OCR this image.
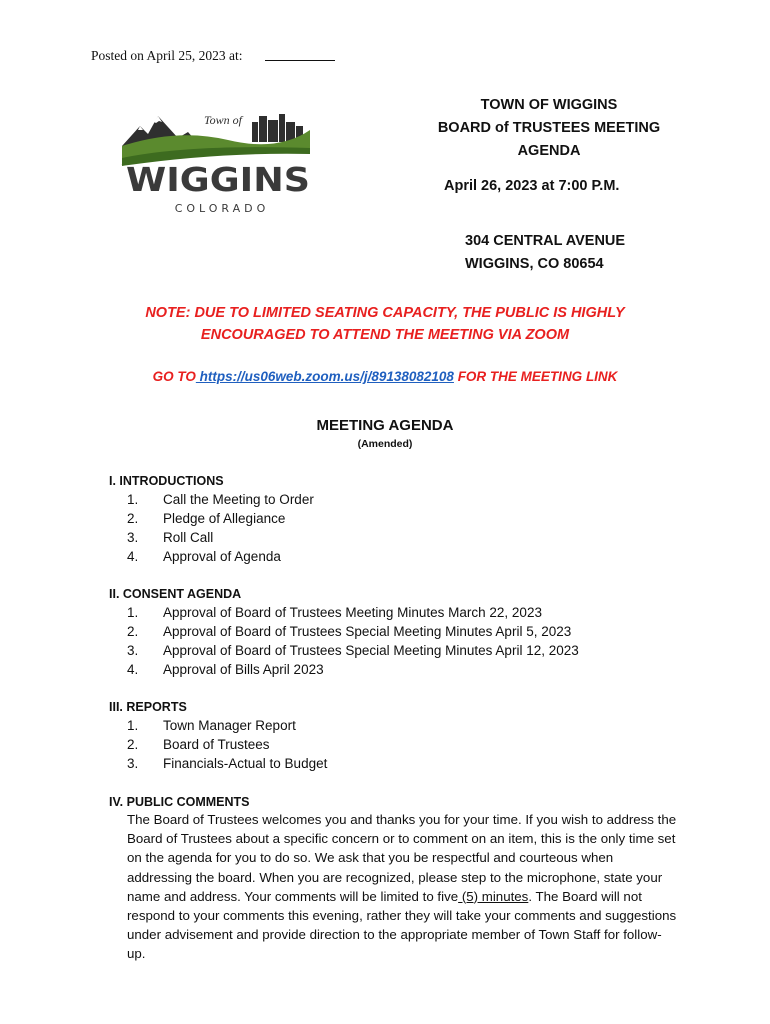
Posted on April 25, 2023 at:
Town of
WIGGINS
COLORADO
TOWN OF WIGGINS
BOARD of TRUSTEES MEETING
AGENDA
April 26, 2023 at 7:00 P.M.
304 CENTRAL AVENUE
WIGGINS, CO 80654
NOTE: DUE TO LIMITED SEATING CAPACITY, THE PUBLIC IS HIGHLY
ENCOURAGED TO ATTEND THE MEETING VIA ZOOM
GO TO https://us06web.zoom.us/j/89138082108 FOR THE MEETING LINK
MEETING AGENDA
(Amended)
I. INTRODUCTIONS
1.	Call the Meeting to Order
2.	Pledge of Allegiance
3.	Roll Call
4.	Approval of Agenda
II. CONSENT AGENDA
1.	Approval of Board of Trustees Meeting Minutes March 22, 2023
2.	Approval of Board of Trustees Special Meeting Minutes April 5, 2023
3.	Approval of Board of Trustees Special Meeting Minutes April 12, 2023
4.	Approval of Bills April 2023
III. REPORTS
1.	Town Manager Report
2.	Board of Trustees
3.	Financials-Actual to Budget
IV. PUBLIC COMMENTS
The Board of Trustees welcomes you and thanks you for your time. If you wish to address the Board of Trustees about a specific concern or to comment on an item, this is the only time set on the agenda for you to do so. We ask that you be respectful and courteous when addressing the board. When you are recognized, please step to the microphone, state your name and address. Your comments will be limited to five (5) minutes. The Board will not respond to your comments this evening, rather they will take your comments and suggestions under advisement and provide direction to the appropriate member of Town Staff for follow-up.
